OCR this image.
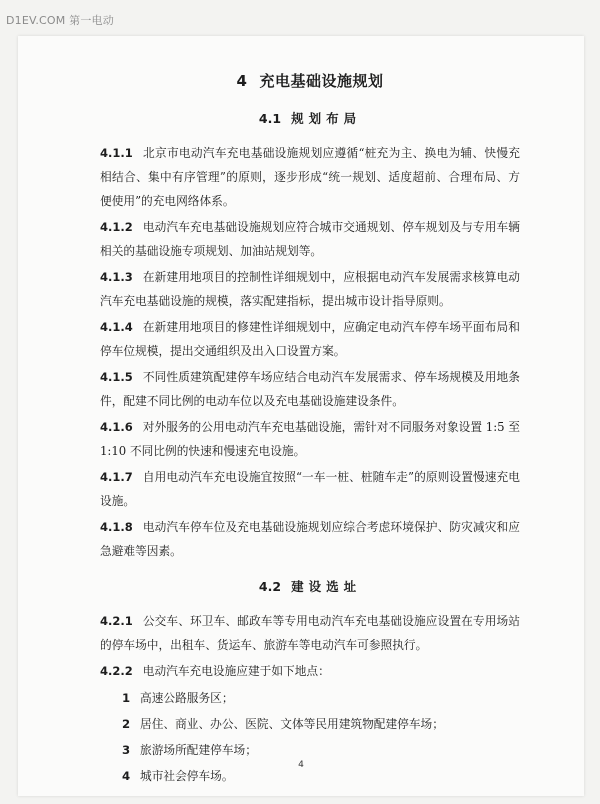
D1EV.COM 第一电动
4 充电基础设施规划
4.1 规划布局

4.1.1 北京市电动汽车充电基础设施规划应遵循“桩充为主、换电为辅、快慢充相结合、集中有序管理”的原则，逐步形成“统一规划、适度超前、合理布局、方便使用”的充电网络体系。

4.1.2 电动汽车充电基础设施规划应符合城市交通规划、停车规划及与专用车辆相关的基础设施专项规划、加油站规划等。

4.1.3 在新建用地项目的控制性详细规划中，应根据电动汽车发展需求核算电动汽车充电基础设施的规模，落实配建指标，提出城市设计指导原则。

4.1.4 在新建用地项目的修建性详细规划中，应确定电动汽车停车场平面布局和停车位规模，提出交通组织及出入口设置方案。

4.1.5 不同性质建筑配建停车场应结合电动汽车发展需求、停车场规模及用地条件，配建不同比例的电动车位以及充电基础设施建设条件。

4.1.6 对外服务的公用电动汽车充电基础设施，需针对不同服务对象设置 1:5 至 1:10 不同比例的快速和慢速充电设施。

4.1.7 自用电动汽车充电设施宜按照“一车一桩、桩随车走”的原则设置慢速充电设施。

4.1.8 电动汽车停车位及充电基础设施规划应综合考虑环境保护、防灾减灾和应急避难等因素。

4.2 建设选址

4.2.1 公交车、环卫车、邮政车等专用电动汽车充电基础设施应设置在专用场站的停车场中，出租车、货运车、旅游车等电动汽车可参照执行。

4.2.2 电动汽车充电设施应建于如下地点：

1 高速公路服务区；
2 居住、商业、办公、医院、文体等民用建筑物配建停车场；
3 旅游场所配建停车场；
4 城市社会停车场。
4
